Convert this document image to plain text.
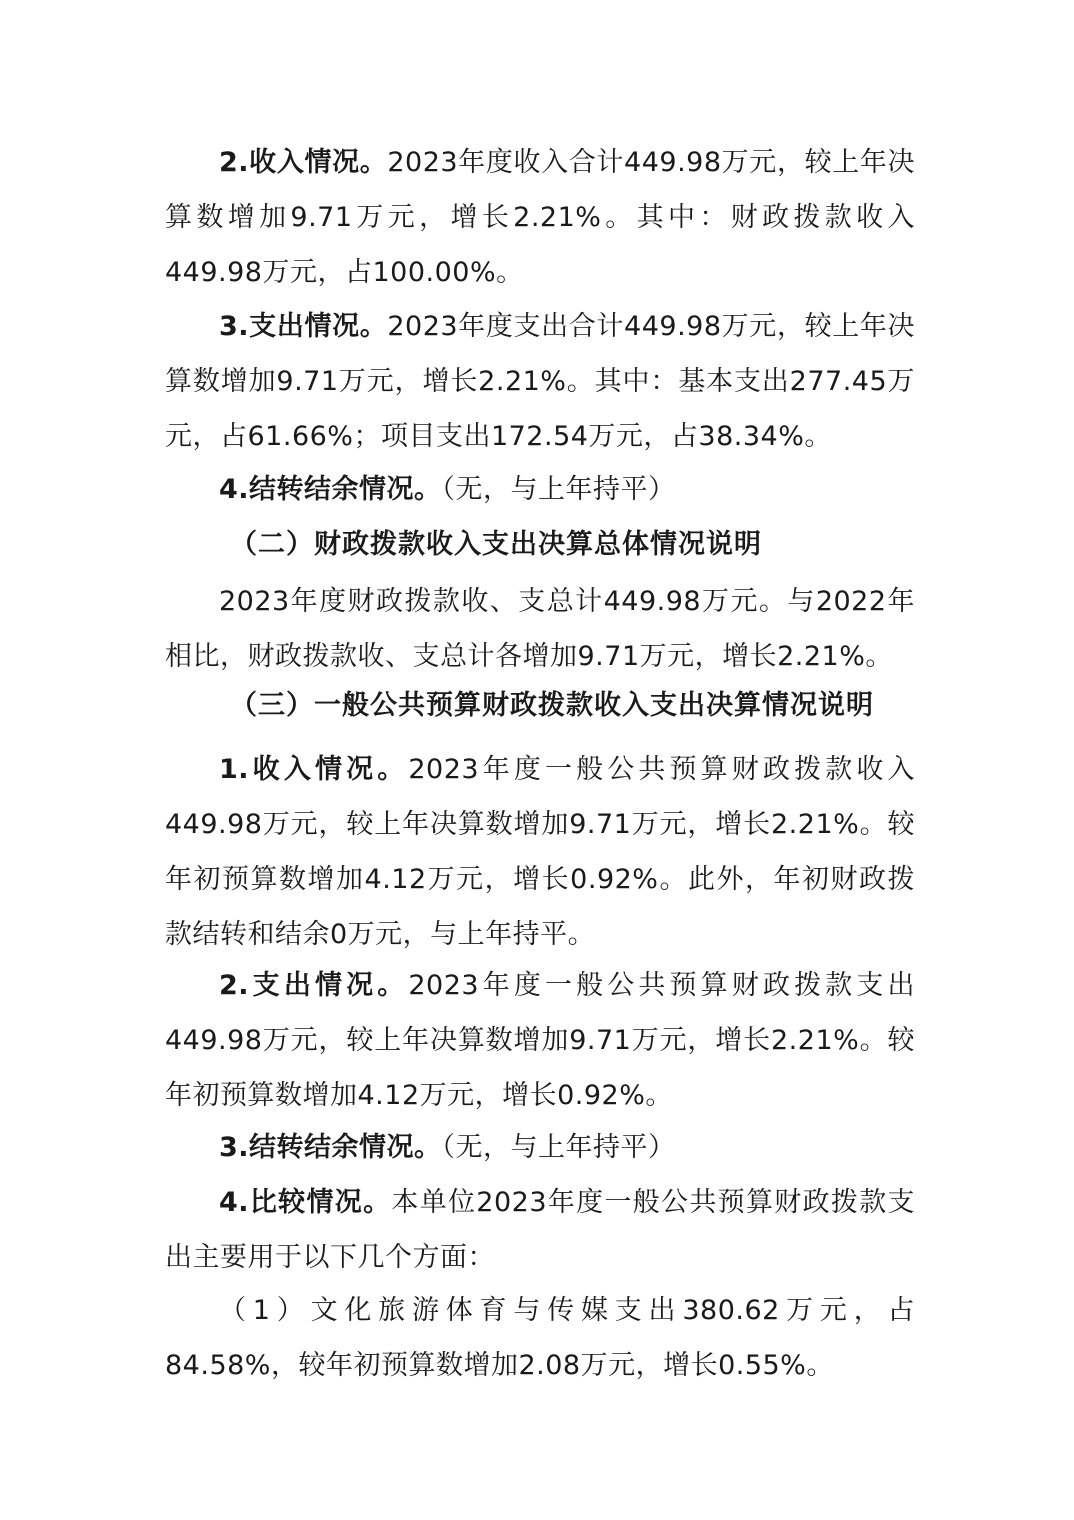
2.收入情况。2023年度收入合计449.98万元，较上年决算数增加9.71万元，增长2.21%。其中：财政拨款收入449.98万元，占100.00%。

3.支出情况。2023年度支出合计449.98万元，较上年决算数增加9.71万元，增长2.21%。其中：基本支出277.45万元，占61.66%；项目支出172.54万元，占38.34%。

4.结转结余情况。（无，与上年持平）

（二）财政拨款收入支出决算总体情况说明

2023年度财政拨款收、支总计449.98万元。与2022年相比，财政拨款收、支总计各增加9.71万元，增长2.21%。

（三）一般公共预算财政拨款收入支出决算情况说明

1.收入情况。2023年度一般公共预算财政拨款收入449.98万元，较上年决算数增加9.71万元，增长2.21%。较年初预算数增加4.12万元，增长0.92%。此外，年初财政拨款结转和结余0万元，与上年持平。

2.支出情况。2023年度一般公共预算财政拨款支出449.98万元，较上年决算数增加9.71万元，增长2.21%。较年初预算数增加4.12万元，增长0.92%。

3.结转结余情况。（无，与上年持平）

4.比较情况。本单位2023年度一般公共预算财政拨款支出主要用于以下几个方面：

（1）文化旅游体育与传媒支出380.62万元，占84.58%，较年初预算数增加2.08万元，增长0.55%。
